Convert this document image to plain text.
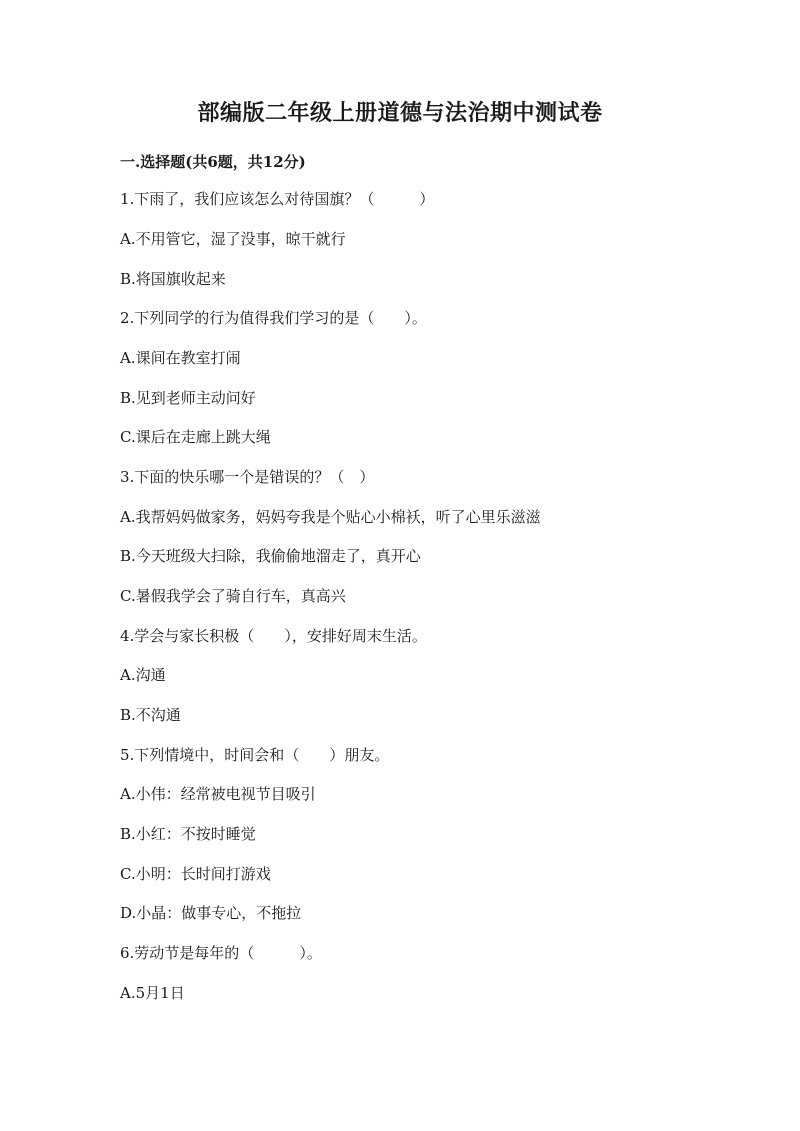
部编版二年级上册道德与法治期中测试卷
一.选择题(共6题，共12分)
1.下雨了，我们应该怎么对待国旗？（　　　）
A.不用管它，湿了没事，晾干就行
B.将国旗收起来
2.下列同学的行为值得我们学习的是（　　）。
A.课间在教室打闹
B.见到老师主动问好
C.课后在走廊上跳大绳
3.下面的快乐哪一个是错误的？（　）
A.我帮妈妈做家务，妈妈夸我是个贴心小棉袄，听了心里乐滋滋
B.今天班级大扫除，我偷偷地溜走了，真开心
C.暑假我学会了骑自行车，真高兴
4.学会与家长积极（　　），安排好周末生活。
A.沟通
B.不沟通
5.下列情境中，时间会和（　　）朋友。
A.小伟：经常被电视节目吸引
B.小红：不按时睡觉
C.小明：长时间打游戏
D.小晶：做事专心，不拖拉
6.劳动节是每年的（　　　）。
A.5月1日
